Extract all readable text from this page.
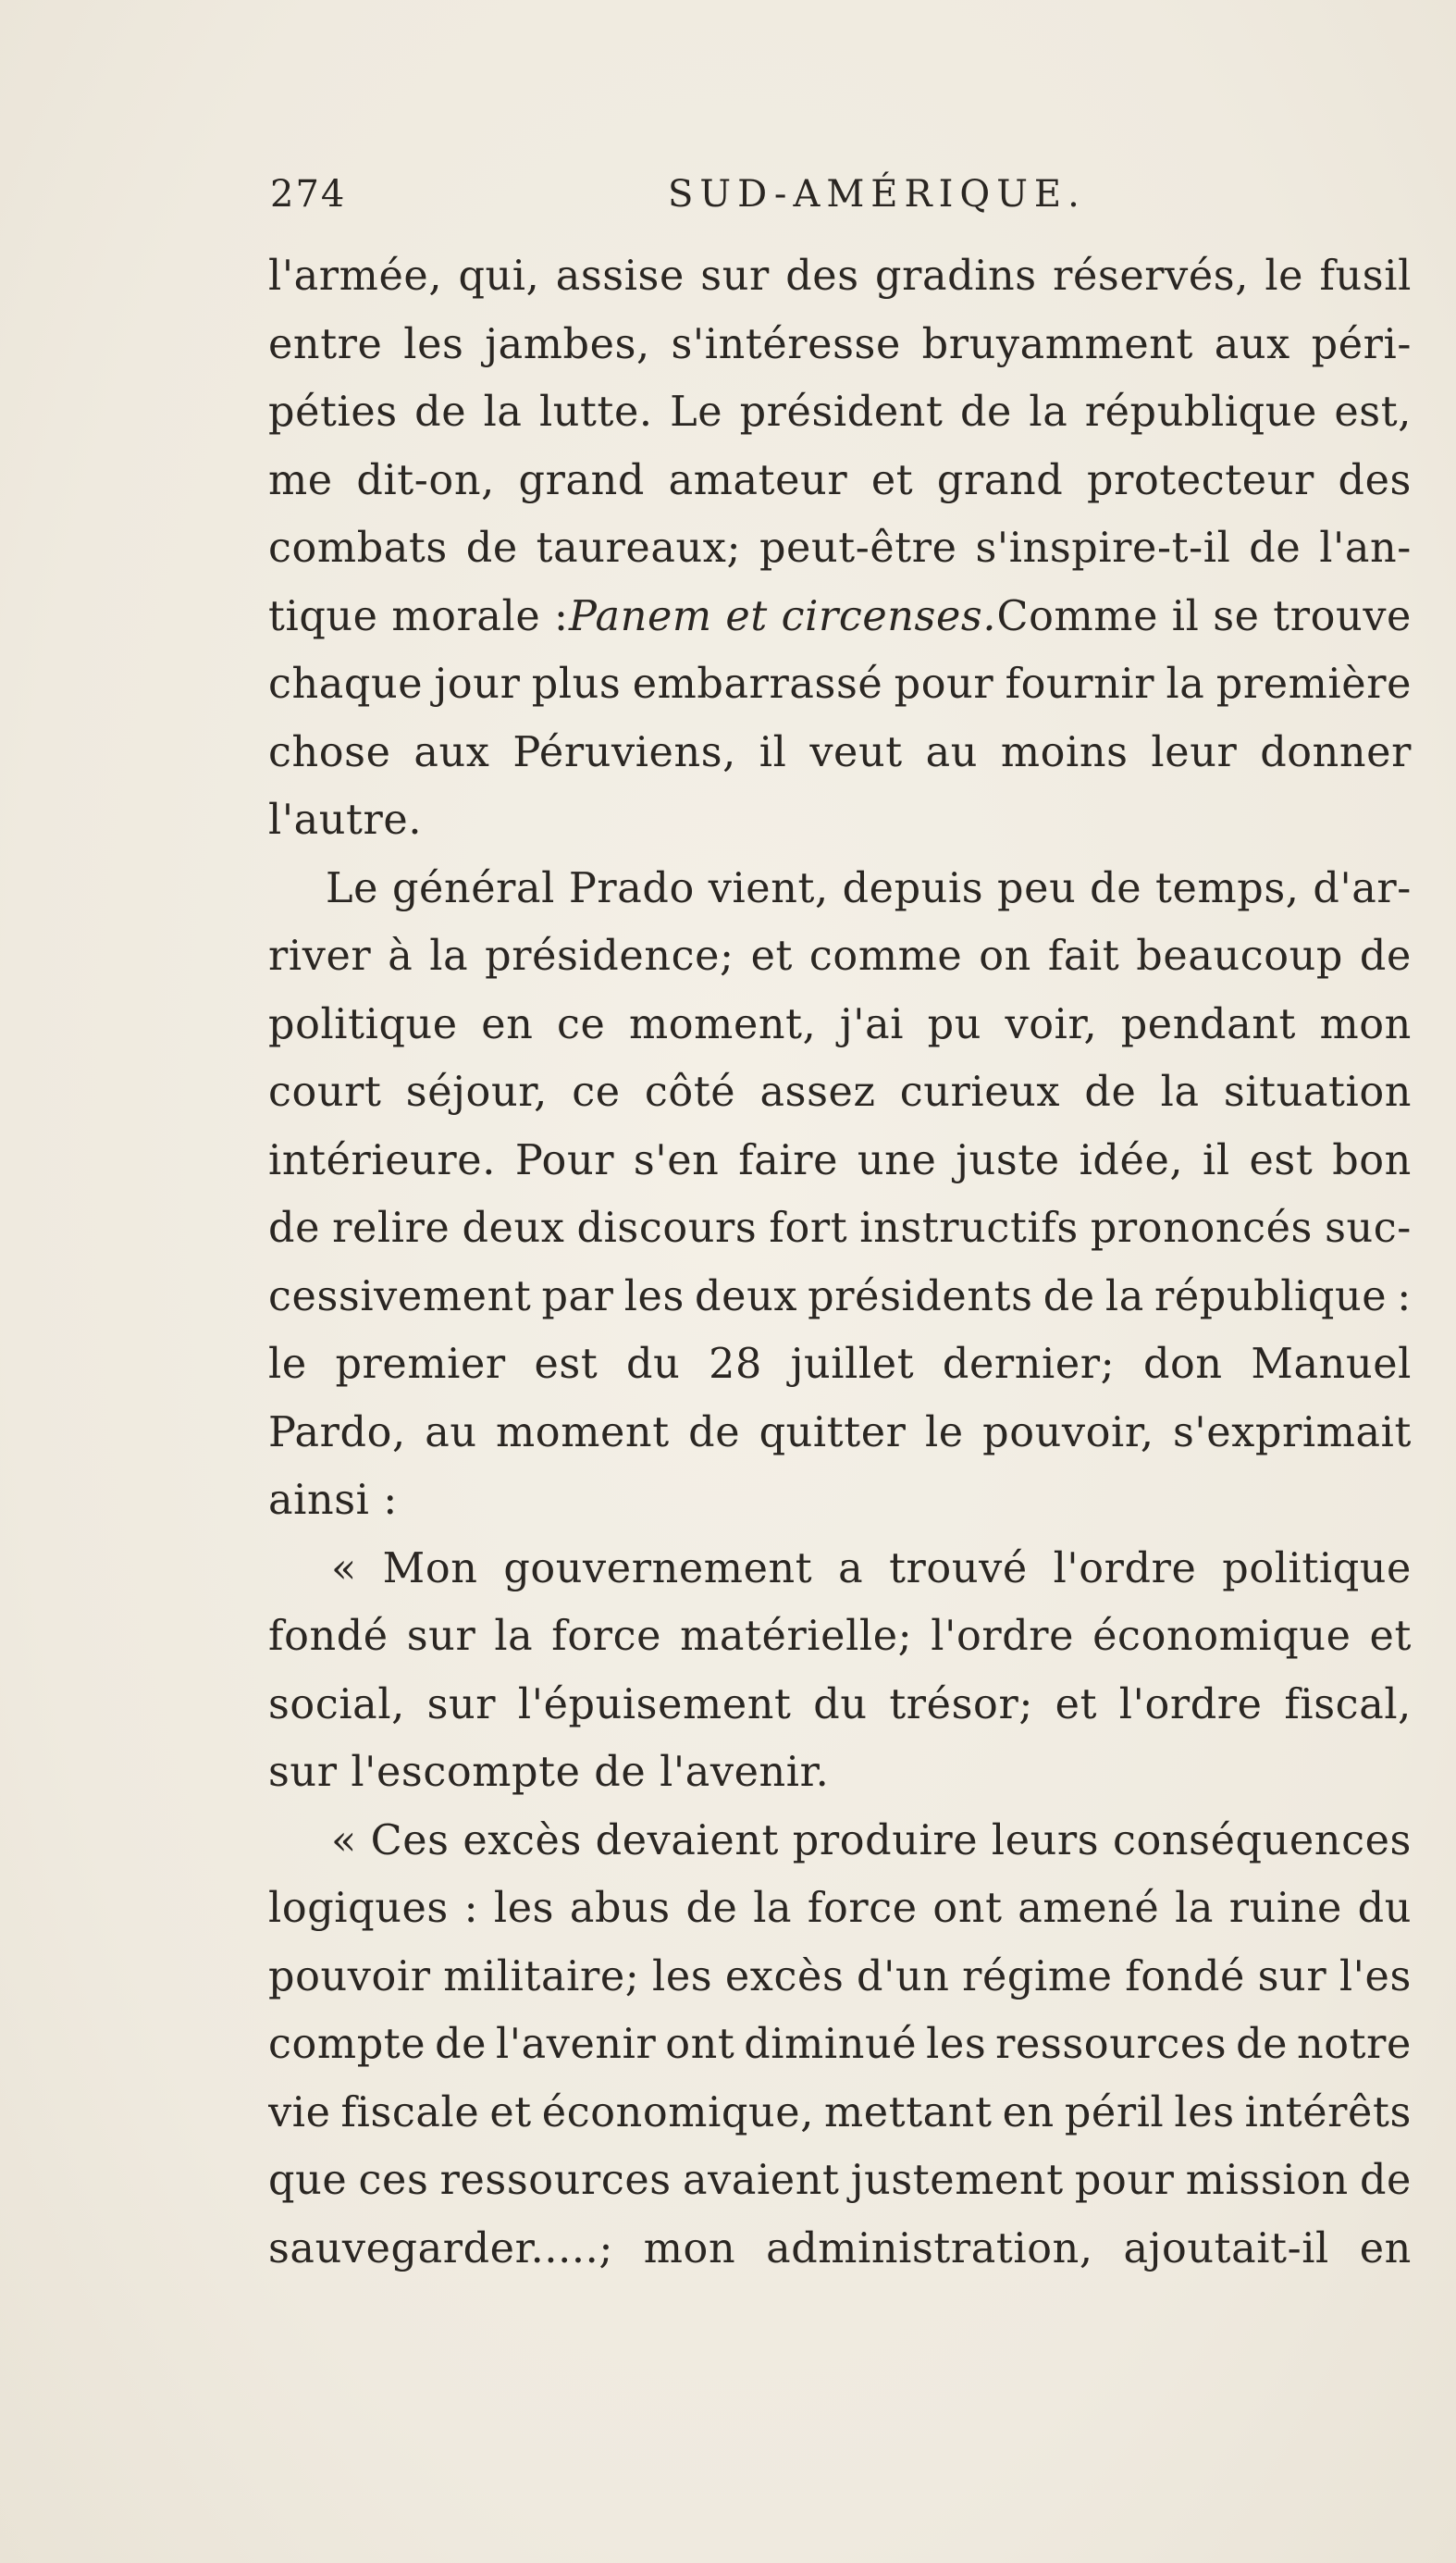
274	SUD-AMÉRIQUE.
l'armée, qui, assise sur des gradins réservés, le fusil
entre les jambes, s'intéresse bruyamment aux péri-
péties de la lutte. Le président de la république est,
me dit-on, grand amateur et grand protecteur des
combats de taureaux; peut-être s'inspire-t-il de l'an-
tique morale : Panem et circenses. Comme il se trouve
chaque jour plus embarrassé pour fournir la première
chose aux Péruviens, il veut au moins leur donner
l'autre.
Le général Prado vient, depuis peu de temps, d'ar-
river à la présidence; et comme on fait beaucoup de
politique en ce moment, j'ai pu voir, pendant mon
court séjour, ce côté assez curieux de la situation
intérieure. Pour s'en faire une juste idée, il est bon
de relire deux discours fort instructifs prononcés suc-
cessivement par les deux présidents de la république :
le premier est du 28 juillet dernier; don Manuel
Pardo, au moment de quitter le pouvoir, s'exprimait
ainsi :
« Mon gouvernement a trouvé l'ordre politique
fondé sur la force matérielle; l'ordre économique et
social, sur l'épuisement du trésor; et l'ordre fiscal,
sur l'escompte de l'avenir.
« Ces excès devaient produire leurs conséquences
logiques : les abus de la force ont amené la ruine du
pouvoir militaire; les excès d'un régime fondé sur l'es
compte de l'avenir ont diminué les ressources de notre
vie fiscale et économique, mettant en péril les intérêts
que ces ressources avaient justement pour mission de
sauvegarder.....; mon administration, ajoutait-il en
